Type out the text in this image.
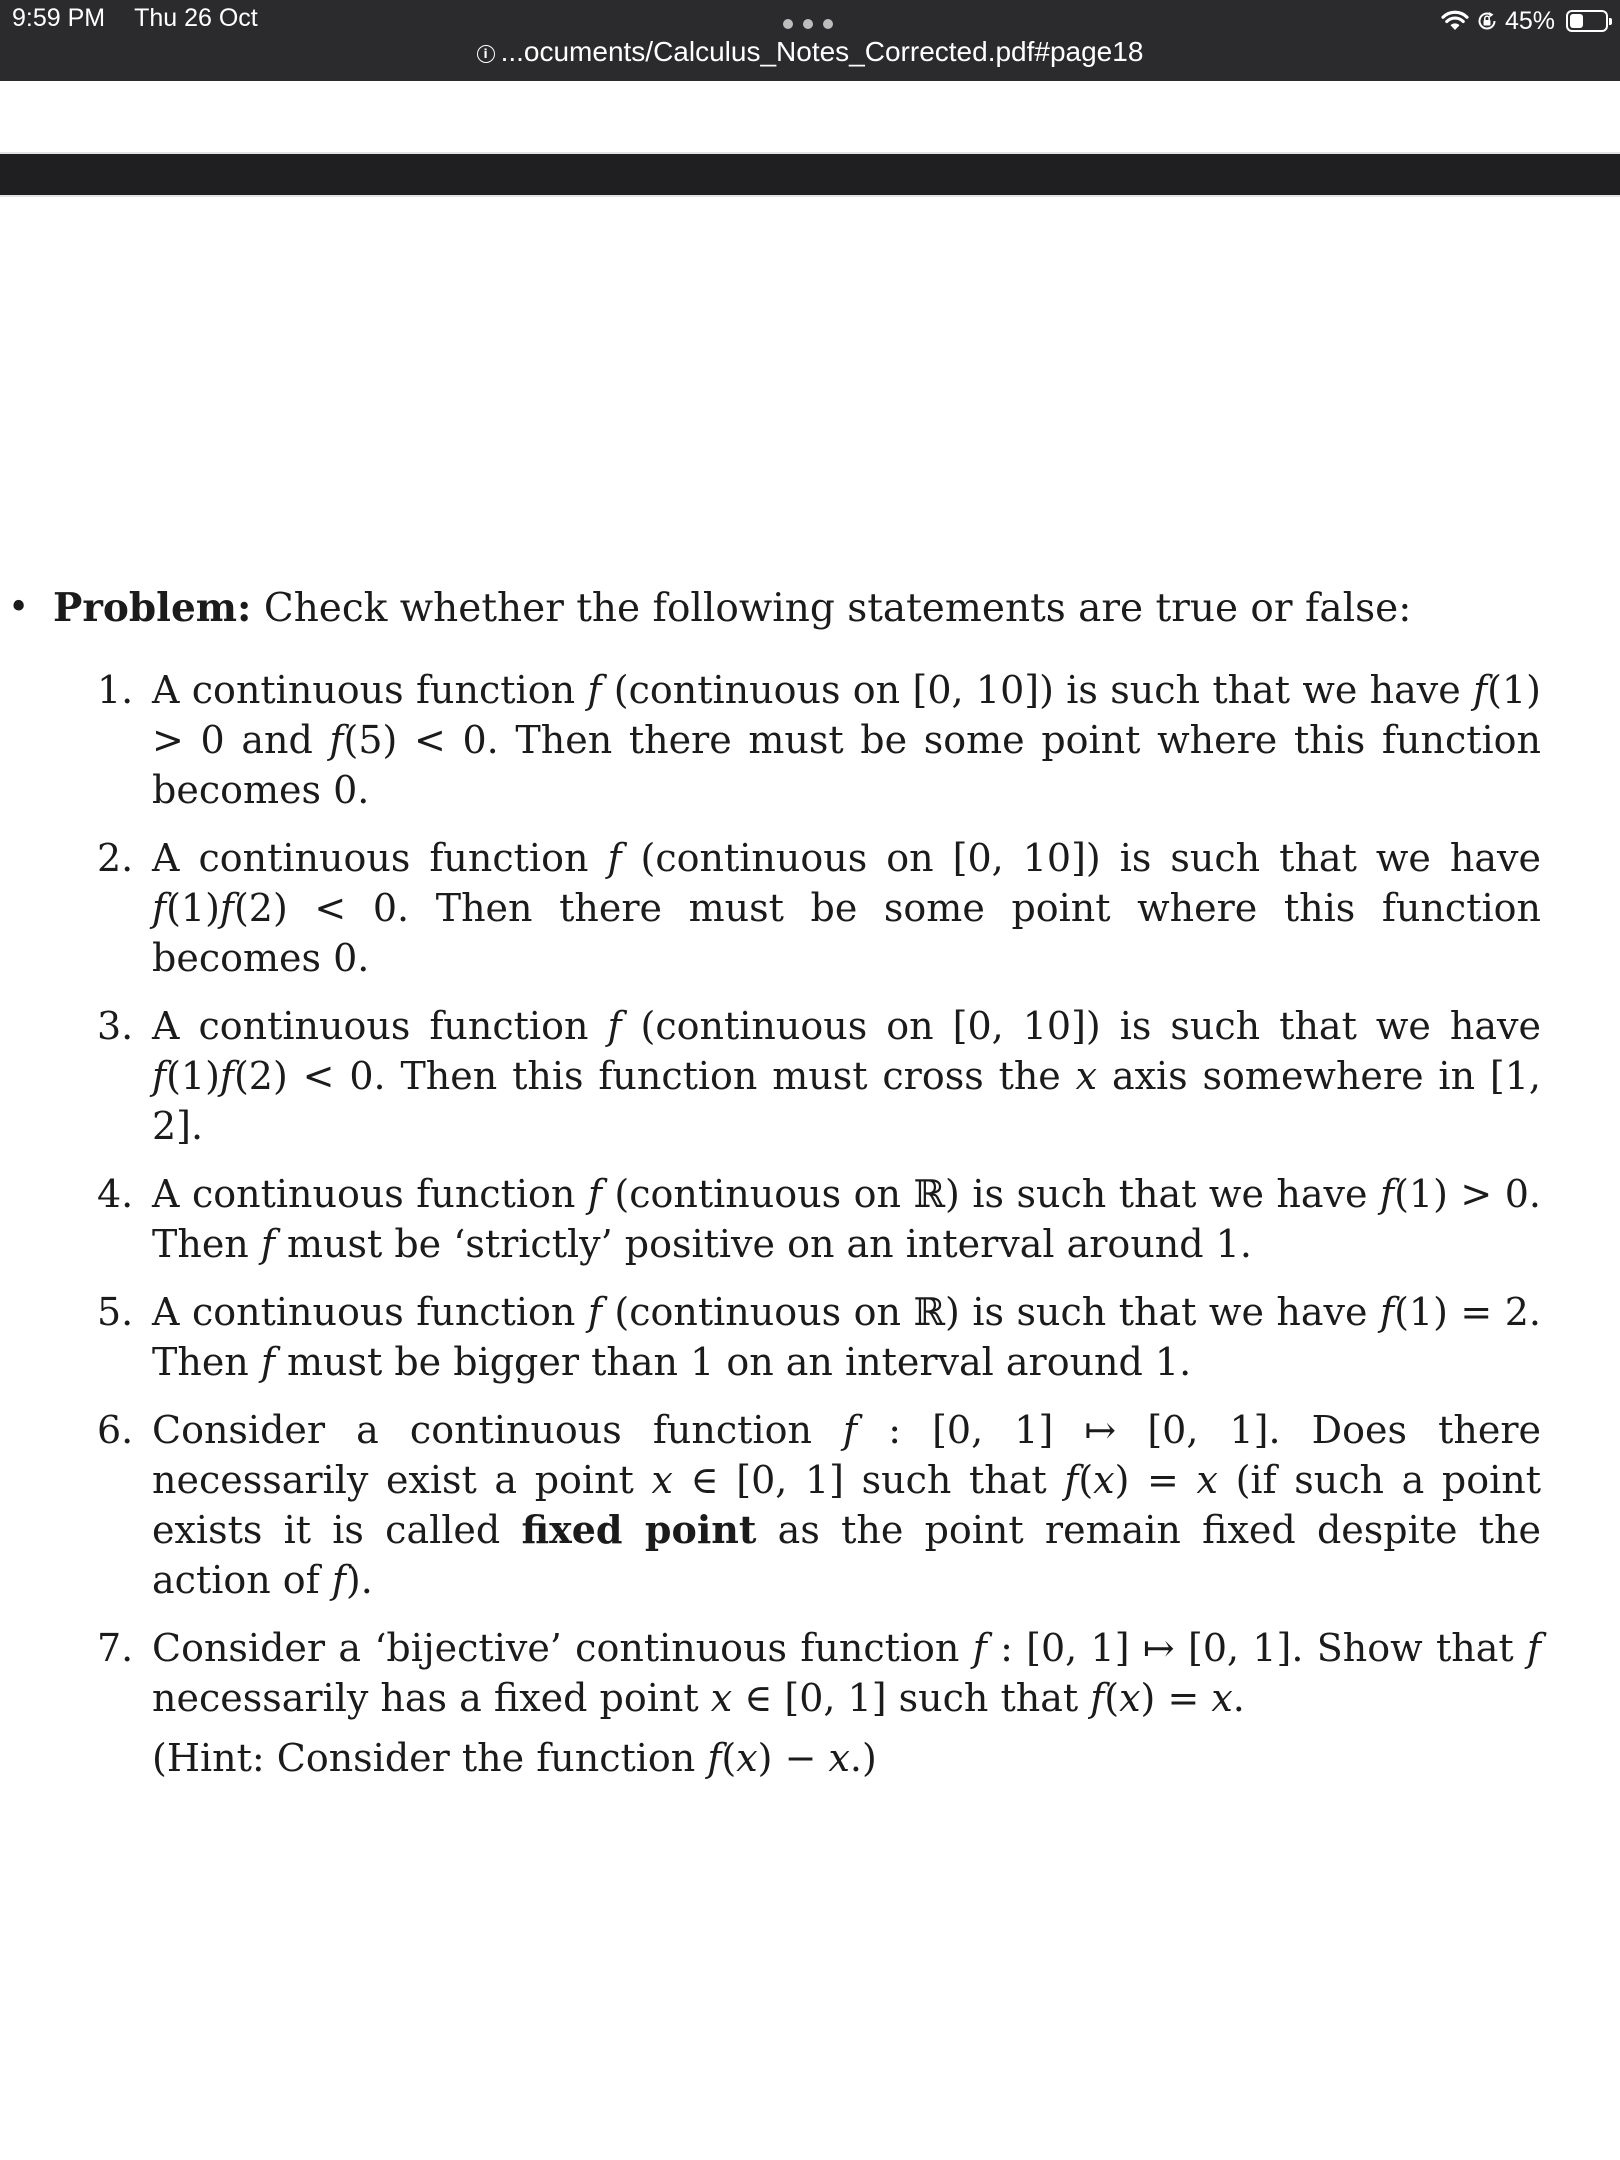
9:59 PM Thu 26 Oct	45%
i ...ocuments/Calculus_Notes_Corrected.pdf#page18
• Problem: Check whether the following statements are true or false:
1. A continuous function 𝑓 (continuous on [0, 10]) is such that we have 𝑓(1) > 0 and 𝑓(5) < 0. Then there must be some point where this function becomes 0.
2. A continuous function 𝑓 (continuous on [0, 10]) is such that we have 𝑓(1)𝑓(2) < 0. Then there must be some point where this function becomes 0.
3. A continuous function 𝑓 (continuous on [0, 10]) is such that we have 𝑓(1)𝑓(2) < 0. Then this function must cross the 𝑥 axis somewhere in [1, 2].
4. A continuous function 𝑓 (continuous on ℝ) is such that we have 𝑓(1) > 0. Then 𝑓 must be ‘strictly’ positive on an interval around 1.
5. A continuous function 𝑓 (continuous on ℝ) is such that we have 𝑓(1) = 2. Then 𝑓 must be bigger than 1 on an interval around 1.
6. Consider a continuous function 𝑓 : [0, 1] ↦ [0, 1]. Does there necessarily exist a point 𝑥 ∈ [0, 1] such that 𝑓(𝑥) = 𝑥 (if such a point exists it is called fixed point as the point remain fixed despite the action of 𝑓).
7. Consider a ‘bijective’ continuous function 𝑓 : [0, 1] ↦ [0, 1]. Show that 𝑓 necessarily has a fixed point 𝑥 ∈ [0, 1] such that 𝑓(𝑥) = 𝑥.
(Hint: Consider the function 𝑓(𝑥) − 𝑥.)
